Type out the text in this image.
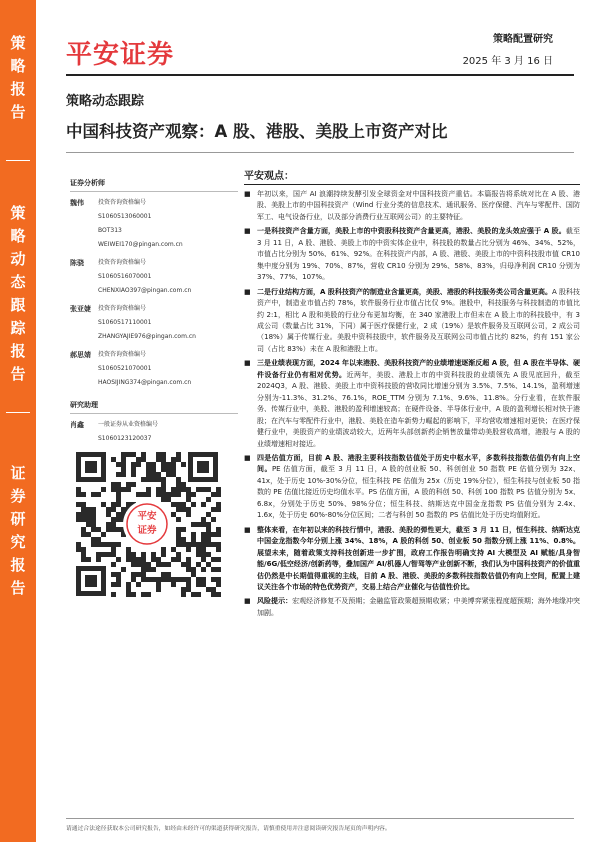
策
略
报
告
策
略
动
态
跟
踪
报
告
证
券
研
究
报
告
平安证券
策略配置研究
2025 年 3 月 16 日
策略动态跟踪
中国科技资产观察：A 股、港股、美股上市资产对比
证券分析师
魏伟	投资咨询资格编号
S1060513060001
BOT313
WEIWEI170@pingan.com.cn
陈骁	投资咨询资格编号
S1060516070001
CHENXIAO397@pingan.com.cn
张亚婕	投资咨询资格编号
S1060517110001
ZHANGYAJIE976@pingan.com.cn
郝思婧	投资咨询资格编号
S1060521070001
HAOSIJING374@pingan.com.cn
研究助理
肖鑫	一般证券从业资格编号
S1060123120037
平安
证券
平安观点：
■ 年初以来，国产 AI 浪潮持续发酵引发全球资金对中国科技资产重估。本篇报告将系统对比在 A 股、港股、美股上市的中国科技资产（Wind 行业分类的信息技术、通讯服务、医疗保健、汽车与零配件、国防军工、电气设备行业，以及部分消费行业互联网公司）的主要特征。
■ 一是科技资产含量方面，美股上市的中资股科技资产含量更高，港股、美股的龙头效应强于 A 股。截至 3 月 11 日，A 股、港股、美股上市的中资实体企业中，科技股的数量占比分别为 46%、34%、52%，市值占比分别为 50%、61%、92%。在科技资产内部，A 股、港股、美股上市的中资科技股市值 CR10 集中度分别为 19%、70%、87%，营收 CR10 分别为 29%、58%、83%，归母净利润 CR10 分别为 37%、77%、107%。
■ 二是行业结构方面，A 股科技资产的制造业含量更高，美股、港股的科技服务类公司含量更高。A 股科技资产中，制造业市值占约 78%，软件服务行业市值占比仅 9%。港股中，科技服务与科技制造的市值比约 2:1，相比 A 股和美股的行业分布更加均衡，在 340 家港股上市但未在 A 股上市的科技股中，有 3 成公司（数量占比 31%，下同）属于医疗保健行业，2 成（19%）是软件服务及互联网公司，2 成公司（18%）属于传媒行业。美股中资科技股中，软件服务及互联网公司市值占比约 82%，约有 151 家公司（占比 83%）未在 A 股和港股上市。
■ 三是业绩表现方面，2024 年以来港股、美股科技资产的业绩增速逐渐反超 A 股，但 A 股在半导体、硬件设备行业仍有相对优势。近两年，美股、港股上市的中资科技股的业绩领先 A 股见底回升，截至 2024Q3，A 股、港股、美股上市中资科技股的营收同比增速分别为 3.5%、7.5%、14.1%，盈利增速分别为-11.3%、31.2%、76.1%，ROE_TTM 分别为 7.1%、9.6%、11.8%。分行业看，在软件服务、传媒行业中，美股、港股的盈利增速较高；在硬件设备、半导体行业中，A 股的盈利增长相对快于港股；在汽车与零配件行业中，港股、美股在造车新势力崛起的影响下，平均营收增速相对更快；在医疗保健行业中，美股资产的业绩波动较大，近两年头部创新药企销售放量带动美股营收高增，港股与 A 股的业绩增速相对接近。
■ 四是估值方面，目前 A 股、港股主要科技指数估值处于历史中枢水平，多数科技指数估值仍有向上空间。PE 估值方面，截至 3 月 11 日，A 股的创业板 50、科创创业 50 指数 PE 估值分别为 32x、41x，处于历史 10%-30%分位，恒生科技 PE 估值为 25x（历史 19%分位），恒生科技与创业板 50 指数的 PE 估值比接近历史均值水平。PS 估值方面，A 股的科创 50、科创 100 指数 PS 估值分别为 5x、6.8x，分别处于历史 50%、98%分位；恒生科技、纳斯达克中国金龙指数 PS 估值分别为 2.4x、1.6x，处于历史 60%-80%分位区间；二者与科创 50 指数的 PS 估值比处于历史均值附近。
■ 整体来看，在年初以来的科技行情中，港股、美股的弹性更大，截至 3 月 11 日，恒生科技、纳斯达克中国金龙指数今年分别上涨 34%、18%，A 股的科创 50、创业板 50 指数分别上涨 11%、0.8%。展望未来，随着政策支持科技创新进一步扩围，政府工作报告明确支持 AI 大模型及 AI 赋能/具身智能/6G/低空经济/创新药等，叠加国产 AI/机器人/智驾等产业创新不断，我们认为中国科技资产的价值重估仍然是中长期值得重视的主线，目前 A 股、港股、美股的多数科技指数估值仍有向上空间，配置上建议关注各个市场的特色优势资产，交易上结合产业催化与估值性价比。
■ 风险提示：宏观经济修复不及预期；金融监管政策超预期收紧；中美博弈紧张程度超预期；海外地缘冲突加剧。
请通过合法途径获取本公司研究报告，如经由未经许可的渠道获得研究报告，请慎重使用并注意阅读研究报告尾页的声明内容。
